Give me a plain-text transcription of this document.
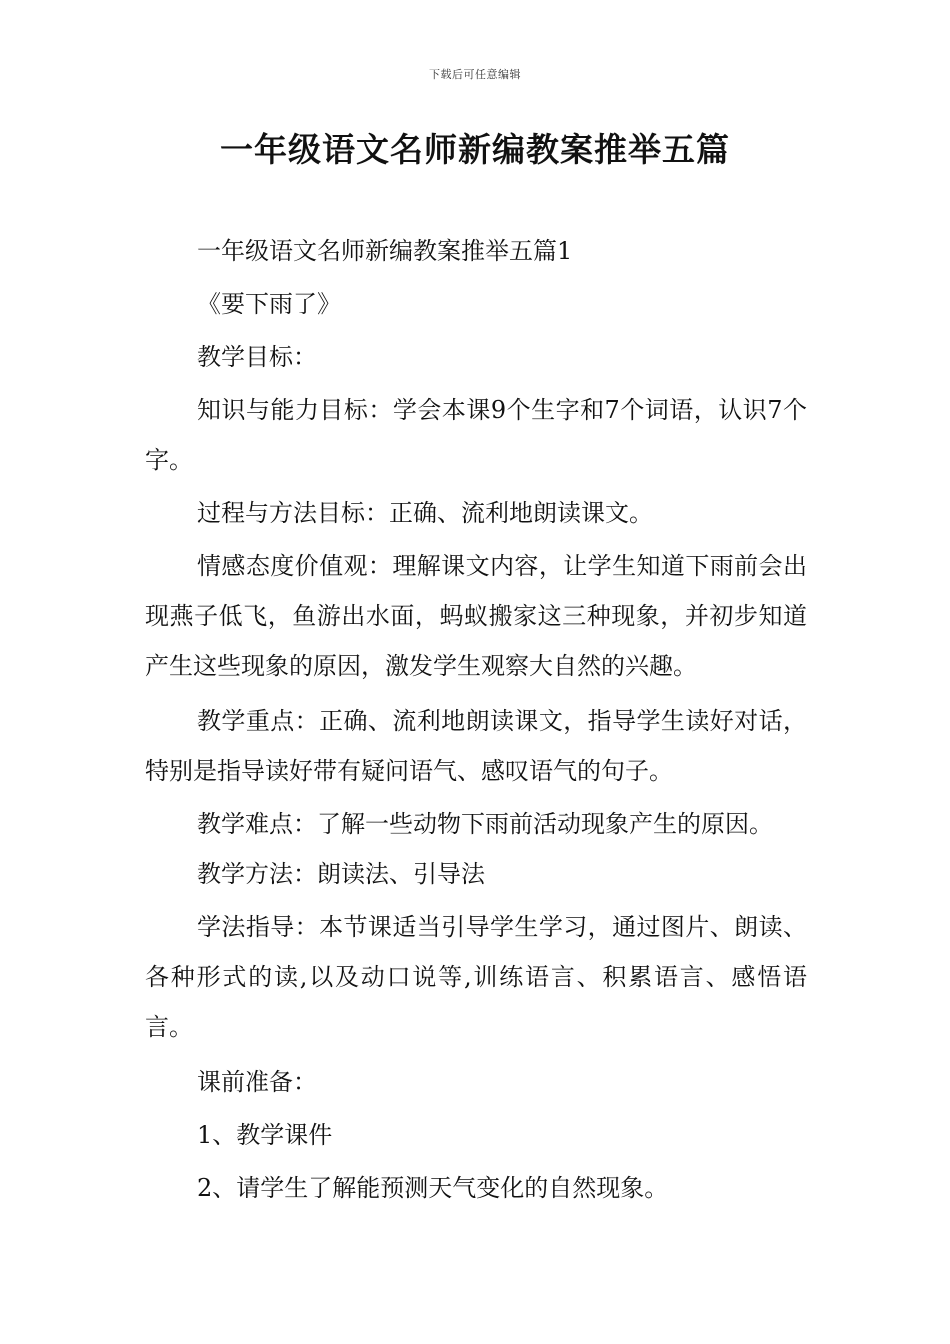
下载后可任意编辑
一年级语文名师新编教案推举五篇

一年级语文名师新编教案推举五篇1

《要下雨了》

教学目标：

知识与能力目标：学会本课9个生字和7个词语，认识7个字。

过程与方法目标：正确、流利地朗读课文。

情感态度价值观：理解课文内容，让学生知道下雨前会出现燕子低飞，鱼游出水面，蚂蚁搬家这三种现象，并初步知道产生这些现象的原因，激发学生观察大自然的兴趣。

教学重点：正确、流利地朗读课文，指导学生读好对话，特别是指导读好带有疑问语气、感叹语气的句子。

教学难点：了解一些动物下雨前活动现象产生的原因。

教学方法：朗读法、引导法

学法指导：本节课适当引导学生学习，通过图片、朗读、各种形式的读,以及动口说等,训练语言、积累语言、感悟语言。

课前准备：

1、教学课件

2、请学生了解能预测天气变化的自然现象。
